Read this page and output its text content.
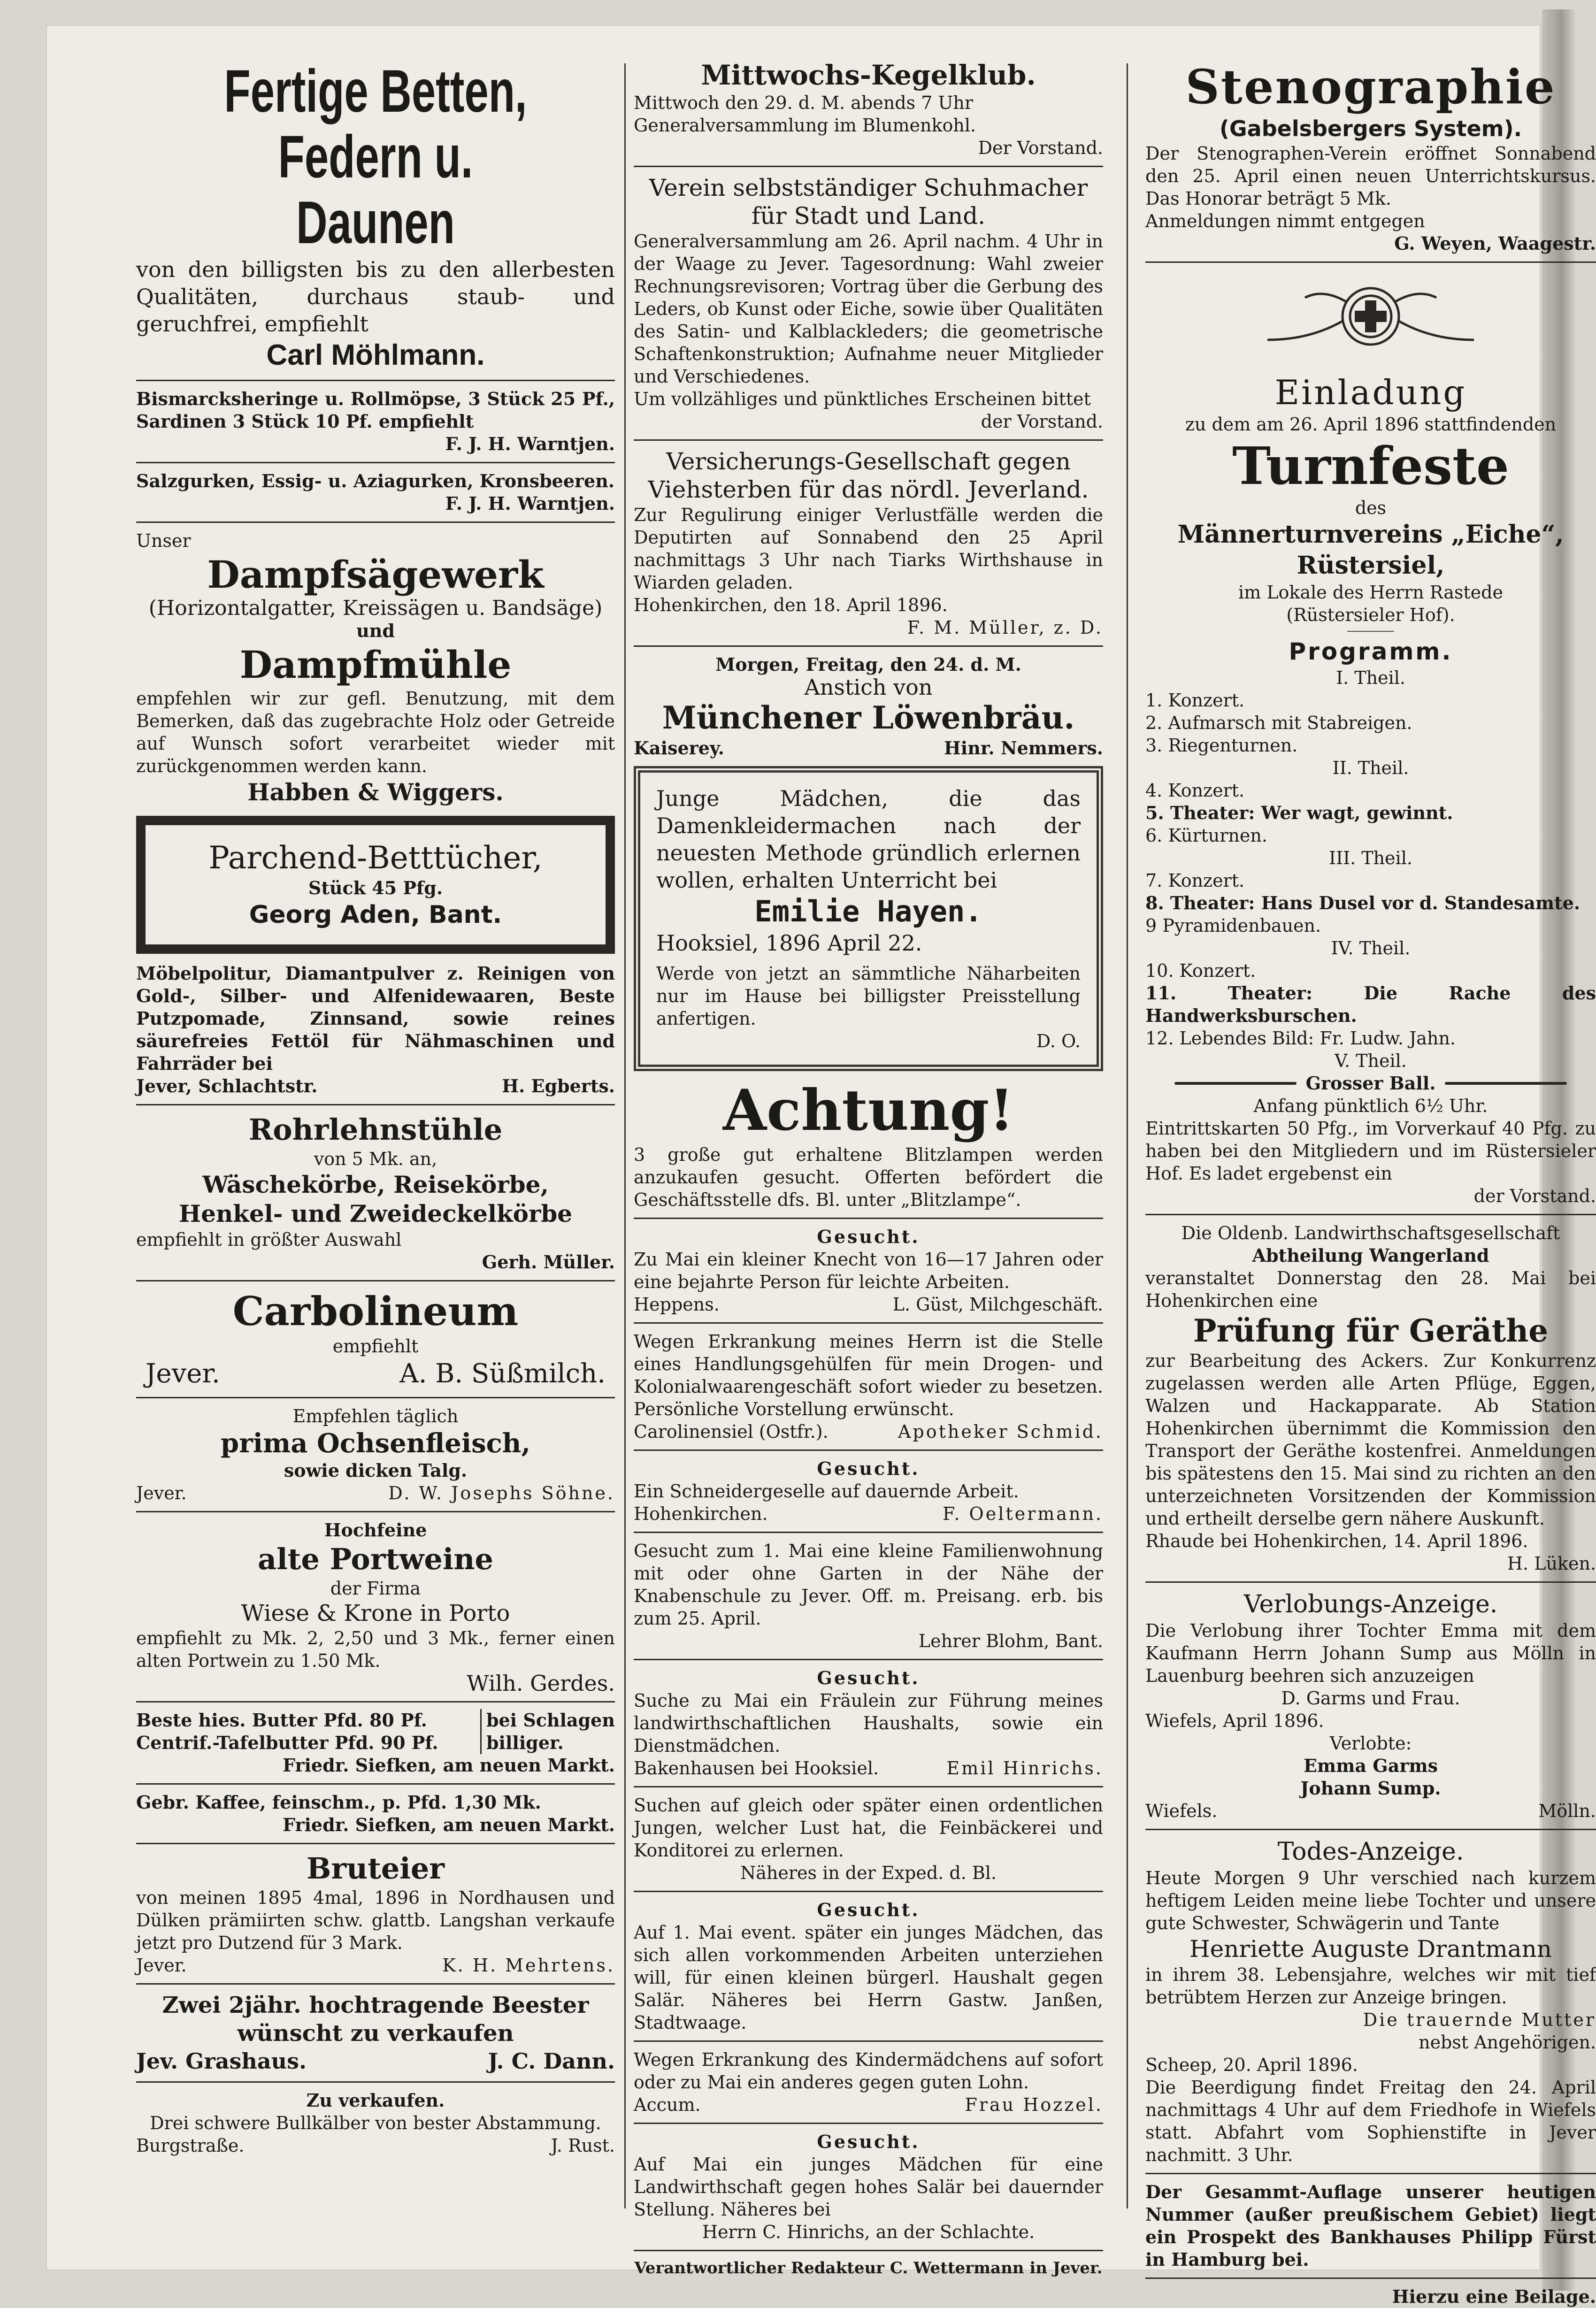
Fertige Betten,

Federn u. Daunen

von den billigsten bis zu den allerbesten Qualitäten, durchaus staub- und geruchfrei, empfiehlt

Carl Möhlmann.

Bismarcksheringe u. Rollmöpse, 3 Stück 25 Pf., Sardinen 3 Stück 10 Pf. empfiehlt

F. J. H. Warntjen.

Salzgurken, Essig- u. Aziagurken, Kronsbeeren.

F. J. H. Warntjen.

Unser

Dampfsägewerk

(Horizontalgatter, Kreissägen u. Bandsäge)

und

Dampfmühle

empfehlen wir zur gefl. Benutzung, mit dem Bemerken, daß das zugebrachte Holz oder Getreide auf Wunsch sofort verarbeitet wieder mit zurückgenommen werden kann.

Habben & Wiggers.

Parchend-Betttücher,

Stück 45 Pfg.

Georg Aden, Bant.

Möbelpolitur, Diamantpulver z. Reinigen von Gold-, Silber- und Alfenidewaaren, Beste Putzpomade, Zinnsand, sowie reines säurefreies Fettöl für Nähmaschinen und Fahrräder bei

Jever, Schlachtstr.	H. Egberts.

Rohrlehnstühle

von 5 Mk. an,

Wäschekörbe, Reisekörbe,

Henkel- und Zweideckelkörbe

empfiehlt in größter Auswahl

Gerh. Müller.

Carbolineum

empfiehlt

Jever.	A. B. Süßmilch.

Empfehlen täglich

prima Ochsenfleisch,

sowie dicken Talg.

Jever.	D. W. Josephs Söhne.

Hochfeine

alte Portweine

der Firma

Wiese & Krone in Porto

empfiehlt zu Mk. 2, 2,50 und 3 Mk., ferner einen alten Portwein zu 1.50 Mk.

Wilh. Gerdes.

Beste hies. Butter Pfd. 80 Pf.

Centrif.-Tafelbutter Pfd. 90 Pf.

bei Schlagen

billiger.

Friedr. Siefken, am neuen Markt.

Gebr. Kaffee, feinschm., p. Pfd. 1,30 Mk.

Friedr. Siefken, am neuen Markt.

Bruteier

von meinen 1895 4mal, 1896 in Nordhausen und Dülken prämiirten schw. glattb. Langshan verkaufe jetzt pro Dutzend für 3 Mark.

Jever.	K. H. Mehrtens.

Zwei 2jähr. hochtragende Beester wünscht zu verkaufen

Jev. Grashaus.	J. C. Dann.

Zu verkaufen.

Drei schwere Bullkälber von bester Abstammung.

Burgstraße.	J. Rust.

Mittwochs-Kegelklub.

Mittwoch den 29. d. M. abends 7 Uhr

Generalversammlung im Blumenkohl.

Der Vorstand.

Verein selbstständiger Schuhmacher

für Stadt und Land.

Generalversammlung am 26. April nachm. 4 Uhr in der Waage zu Jever. Tagesordnung: Wahl zweier Rechnungsrevisoren; Vortrag über die Gerbung des Leders, ob Kunst oder Eiche, sowie über Qualitäten des Satin- und Kalblackleders; die geometrische Schaftenkonstruktion; Aufnahme neuer Mitglieder und Verschiedenes.

Um vollzähliges und pünktliches Erscheinen bittet

der Vorstand.

Versicherungs-Gesellschaft gegen

Viehsterben für das nördl. Jeverland.

Zur Regulirung einiger Verlustfälle werden die Deputirten auf Sonnabend den 25 April nachmittags 3 Uhr nach Tiarks Wirthshause in Wiarden geladen.

Hohenkirchen, den 18. April 1896.

F. M. Müller, z. D.

Morgen, Freitag, den 24. d. M.

Anstich von

Münchener Löwenbräu.

Kaiserey.	Hinr. Nemmers.

Junge Mädchen, die das Damenkleidermachen nach der neuesten Methode gründlich erlernen wollen, erhalten Unterricht bei

Emilie Hayen.

Hooksiel, 1896 April 22.

Werde von jetzt an sämmtliche Näharbeiten nur im Hause bei billigster Preisstellung anfertigen.

D. O.

Achtung!

3 große gut erhaltene Blitzlampen werden anzukaufen gesucht. Offerten befördert die Geschäftsstelle dfs. Bl. unter „Blitzlampe“.

Gesucht.

Zu Mai ein kleiner Knecht von 16—17 Jahren oder eine bejahrte Person für leichte Arbeiten.

Heppens.	L. Güst, Milchgeschäft.

Wegen Erkrankung meines Herrn ist die Stelle eines Handlungsgehülfen für mein Drogen- und Kolonialwaarengeschäft sofort wieder zu besetzen. Persönliche Vorstellung erwünscht.

Carolinensiel (Ostfr.).	Apotheker Schmid.

Gesucht.

Ein Schneidergeselle auf dauernde Arbeit.

Hohenkirchen.	F. Oeltermann.

Gesucht zum 1. Mai eine kleine Familienwohnung mit oder ohne Garten in der Nähe der Knabenschule zu Jever. Off. m. Preisang. erb. bis zum 25. April.

Lehrer Blohm, Bant.

Gesucht.

Suche zu Mai ein Fräulein zur Führung meines landwirthschaftlichen Haushalts, sowie ein Dienstmädchen.

Bakenhausen bei Hooksiel.	Emil Hinrichs.

Suchen auf gleich oder später einen ordentlichen Jungen, welcher Lust hat, die Feinbäckerei und Konditorei zu erlernen.

Näheres in der Exped. d. Bl.

Gesucht.

Auf 1. Mai event. später ein junges Mädchen, das sich allen vorkommenden Arbeiten unterziehen will, für einen kleinen bürgerl. Haushalt gegen Salär. Näheres bei Herrn Gastw. Janßen, Stadtwaage.

Wegen Erkrankung des Kindermädchens auf sofort oder zu Mai ein anderes gegen guten Lohn.

Accum.	Frau Hozzel.

Gesucht.

Auf Mai ein junges Mädchen für eine Landwirthschaft gegen hohes Salär bei dauernder Stellung. Näheres bei

Herrn C. Hinrichs, an der Schlachte.

Verantwortlicher Redakteur C. Wettermann in Jever.

Stenographie

(Gabelsbergers System).

Der Stenographen-Verein eröffnet Sonnabend den 25. April einen neuen Unterrichtskursus. Das Honorar beträgt 5 Mk.

Anmeldungen nimmt entgegen

G. Weyen, Waagestr.

Einladung

zu dem am 26. April 1896 stattfindenden

Turnfeste

des

Männerturnvereins „Eiche“, Rüstersiel,

im Lokale des Herrn Rastede

(Rüstersieler Hof).

Programm.

I. Theil.

1. Konzert.

2. Aufmarsch mit Stabreigen.

3. Riegenturnen.

II. Theil.

4. Konzert.

5. Theater: Wer wagt, gewinnt.

6. Kürturnen.

III. Theil.

7. Konzert.

8. Theater: Hans Dusel vor d. Standesamte.

9 Pyramidenbauen.

IV. Theil.

10. Konzert.

11. Theater: Die Rache des Handwerksburschen.

12. Lebendes Bild: Fr. Ludw. Jahn.

V. Theil.

Grosser Ball.

Anfang pünktlich 6½ Uhr.

Eintrittskarten 50 Pfg., im Vorverkauf 40 Pfg. zu haben bei den Mitgliedern und im Rüstersieler Hof. Es ladet ergebenst ein

der Vorstand.

Die Oldenb. Landwirthschaftsgesellschaft

Abtheilung Wangerland

veranstaltet Donnerstag den 28. Mai bei Hohenkirchen eine

Prüfung für Geräthe

zur Bearbeitung des Ackers. Zur Konkurrenz zugelassen werden alle Arten Pflüge, Eggen, Walzen und Hackapparate. Ab Station Hohenkirchen übernimmt die Kommission den Transport der Geräthe kostenfrei. Anmeldungen bis spätestens den 15. Mai sind zu richten an den unterzeichneten Vorsitzenden der Kommission und ertheilt derselbe gern nähere Auskunft.

Rhaude bei Hohenkirchen, 14. April 1896.

H. Lüken.

Verlobungs-Anzeige.

Die Verlobung ihrer Tochter Emma mit dem Kaufmann Herrn Johann Sump aus Mölln in Lauenburg beehren sich anzuzeigen

D. Garms und Frau.

Wiefels, April 1896.

Verlobte:

Emma Garms

Johann Sump.

Wiefels.	Mölln.

Todes-Anzeige.

Heute Morgen 9 Uhr verschied nach kurzem heftigem Leiden meine liebe Tochter und unsere gute Schwester, Schwägerin und Tante

Henriette Auguste Drantmann

in ihrem 38. Lebensjahre, welches wir mit tief betrübtem Herzen zur Anzeige bringen.

Die trauernde Mutter

nebst Angehörigen.

Scheep, 20. April 1896.

Die Beerdigung findet Freitag den 24. April nachmittags 4 Uhr auf dem Friedhofe in Wiefels statt. Abfahrt vom Sophienstifte in Jever nachmitt. 3 Uhr.

Der Gesammt-Auflage unserer heutigen Nummer (außer preußischem Gebiet) liegt ein Prospekt des Bankhauses Philipp Fürst in Hamburg bei.

Hierzu eine Beilage.
